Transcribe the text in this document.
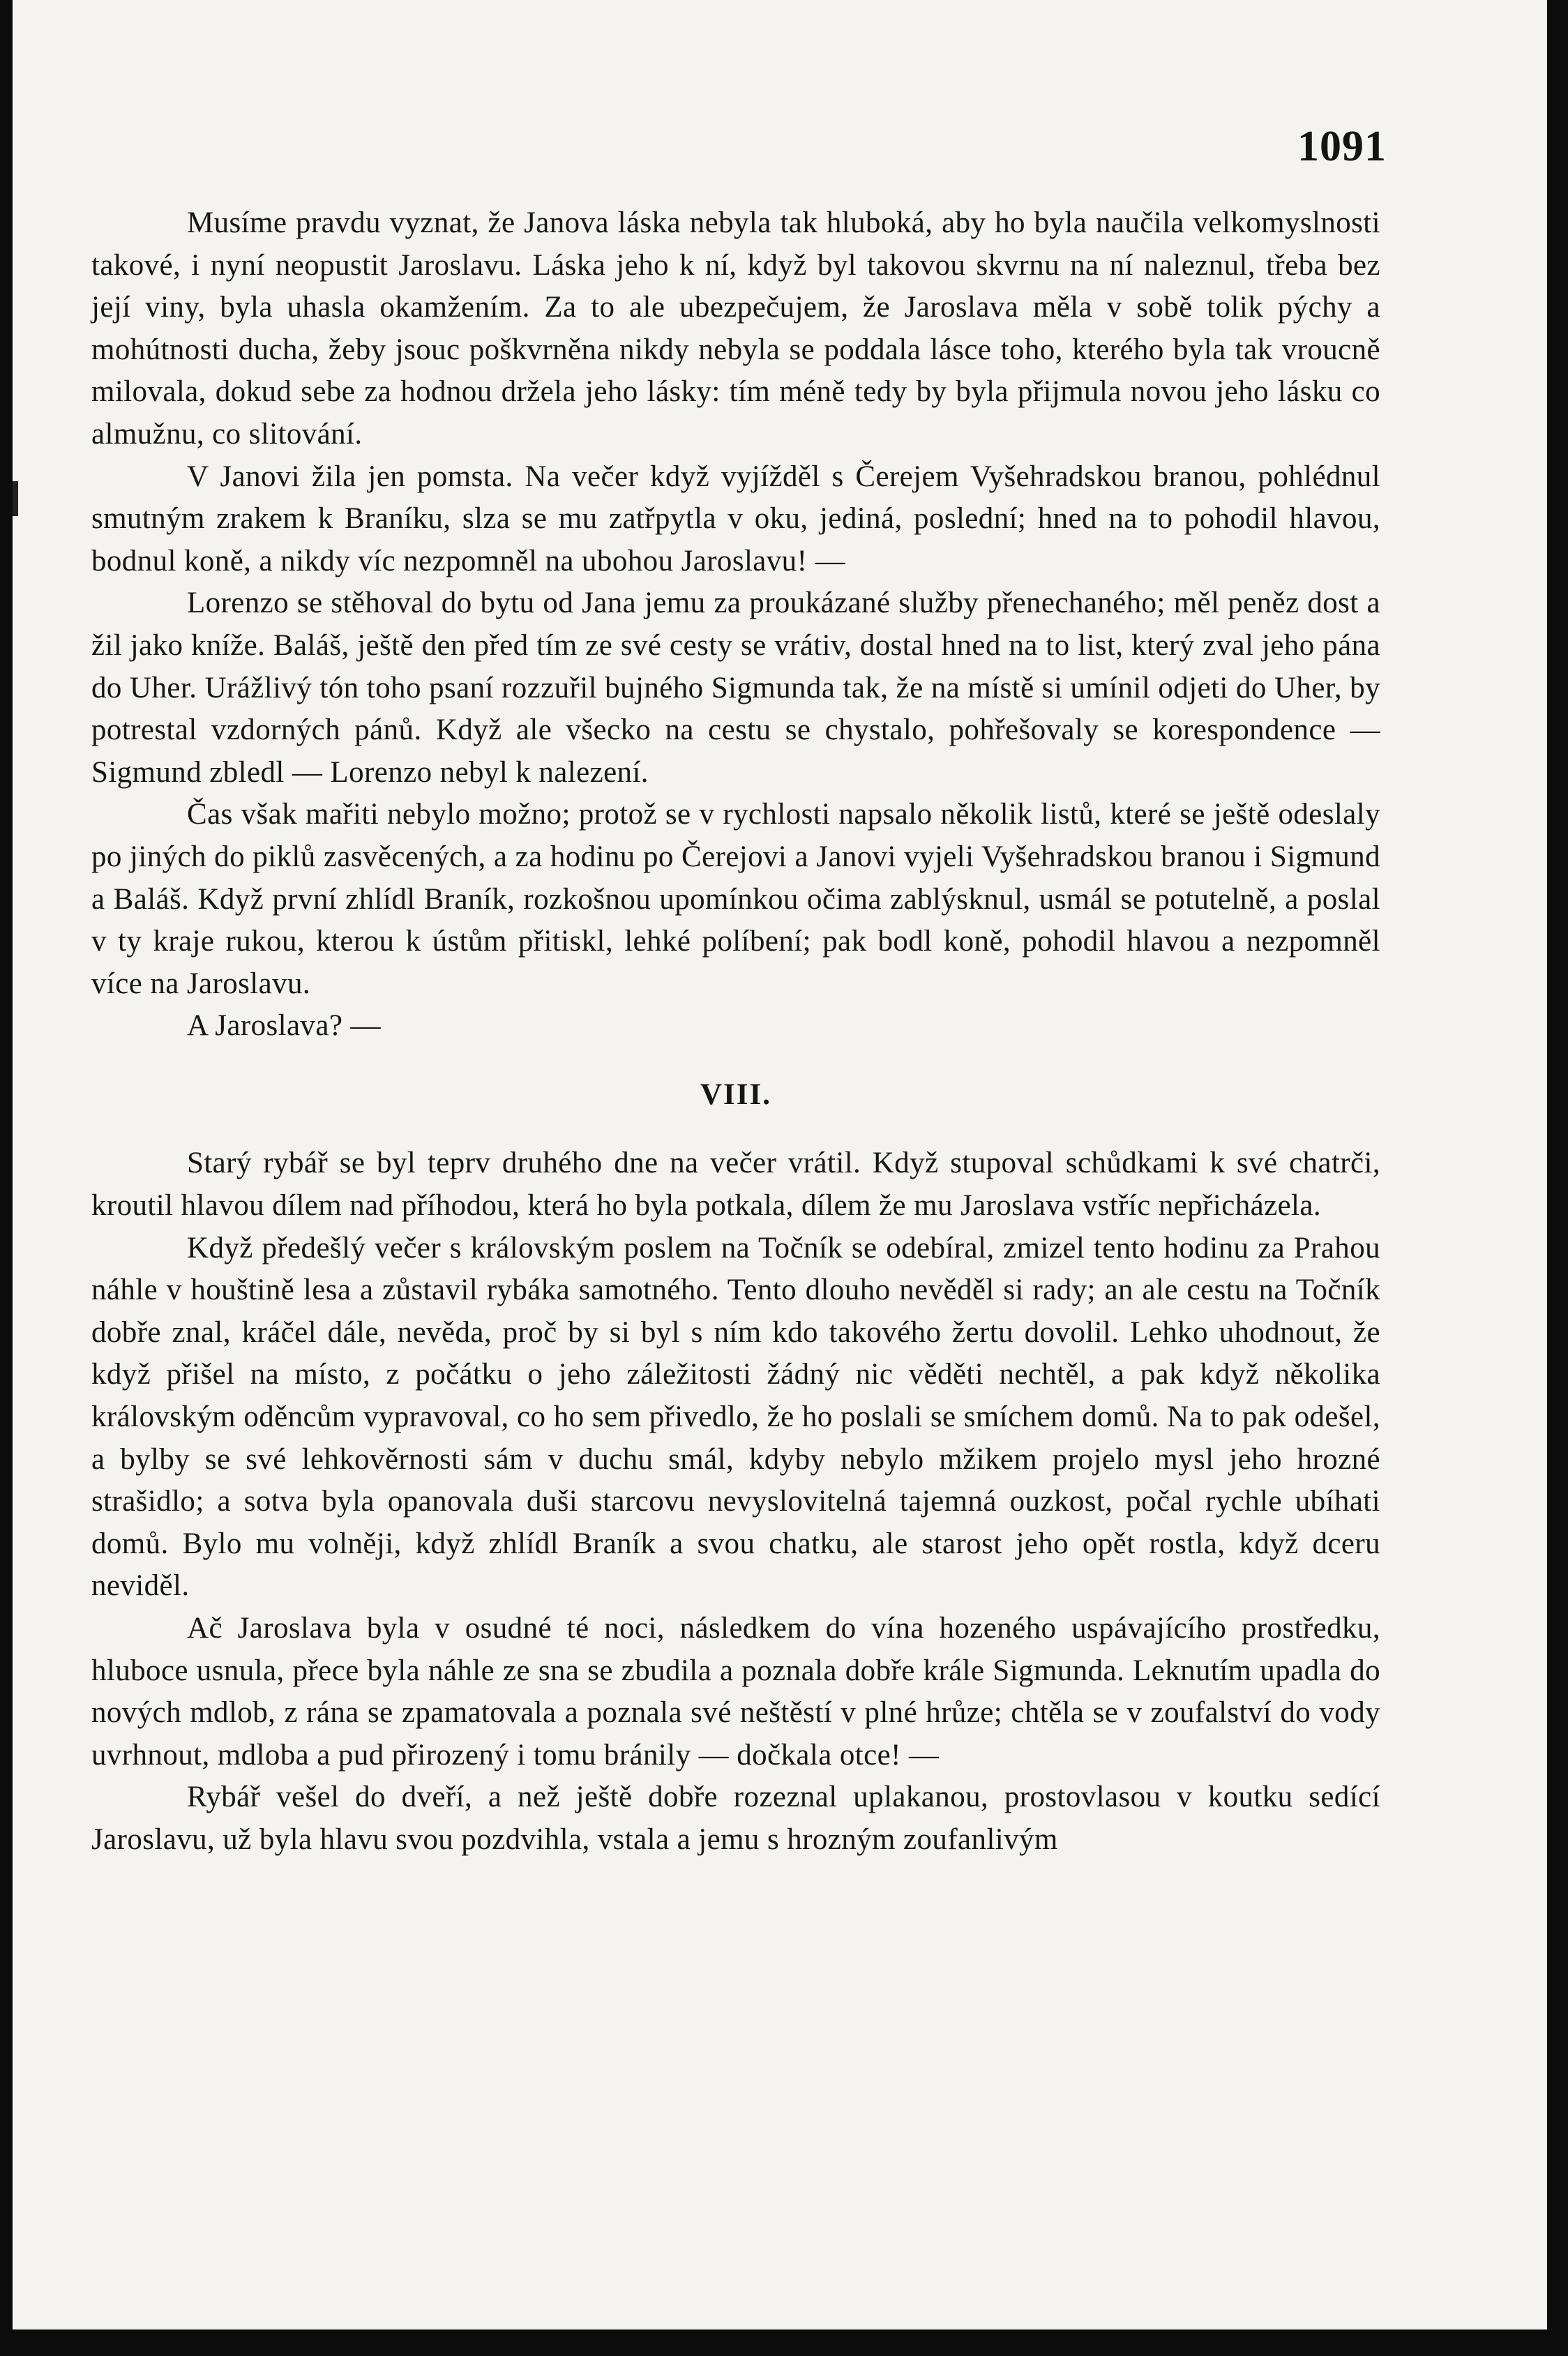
1091

Musíme pravdu vyznat, že Janova láska nebyla tak hluboká, aby ho byla naučila velkomyslnosti takové, i nyní neopustit Jaroslavu. Láska jeho k ní, když byl takovou skvrnu na ní naleznul, třeba bez její viny, byla uhasla okamžením. Za to ale ubezpečujem, že Jaroslava měla v sobě tolik pýchy a mohútnosti ducha, žeby jsouc poškvrněna nikdy nebyla se poddala lásce toho, kterého byla tak vroucně milovala, dokud sebe za hodnou držela jeho lásky: tím méně tedy by byla přijmula novou jeho lásku co almužnu, co slitování.

V Janovi žila jen pomsta. Na večer když vyjížděl s Čerejem Vyšehradskou branou, pohlédnul smutným zrakem k Braníku, slza se mu zatřpytla v oku, jediná, poslední; hned na to pohodil hlavou, bodnul koně, a nikdy víc nezpomněl na ubohou Jaroslavu! —

Lorenzo se stěhoval do bytu od Jana jemu za proukázané služby přenechaného; měl peněz dost a žil jako kníže. Baláš, ještě den před tím ze své cesty se vrátiv, dostal hned na to list, který zval jeho pána do Uher. Urážlivý tón toho psaní rozzuřil bujného Sigmunda tak, že na místě si umínil odjeti do Uher, by potrestal vzdorných pánů. Když ale všecko na cestu se chystalo, pohřešovaly se korespondence — Sigmund zbledl — Lorenzo nebyl k nalezení.

Čas však mařiti nebylo možno; protož se v rychlosti napsalo několik listů, které se ještě odeslaly po jiných do piklů zasvěcených, a za hodinu po Čerejovi a Janovi vyjeli Vyšehradskou branou i Sigmund a Baláš. Když první zhlídl Braník, rozkošnou upomínkou očima zablýsknul, usmál se potutelně, a poslal v ty kraje rukou, kterou k ústům přitiskl, lehké políbení; pak bodl koně, pohodil hlavou a nezpomněl více na Jaroslavu.

A Jaroslava? —

VIII.

Starý rybář se byl teprv druhého dne na večer vrátil. Když stupoval schůdkami k své chatrči, kroutil hlavou dílem nad příhodou, která ho byla potkala, dílem že mu Jaroslava vstříc nepřicházela.

Když předešlý večer s královským poslem na Točník se odebíral, zmizel tento hodinu za Prahou náhle v houštině lesa a zůstavil rybáka samotného. Tento dlouho nevěděl si rady; an ale cestu na Točník dobře znal, kráčel dále, nevěda, proč by si byl s ním kdo takového žertu dovolil. Lehko uhodnout, že když přišel na místo, z počátku o jeho záležitosti žádný nic věděti nechtěl, a pak když několika královským oděncům vypravoval, co ho sem přivedlo, že ho poslali se smíchem domů. Na to pak odešel, a bylby se své lehkověrnosti sám v duchu smál, kdyby nebylo mžikem projelo mysl jeho hrozné strašidlo; a sotva byla opanovala duši starcovu nevyslovitelná tajemná ouzkost, počal rychle ubíhati domů. Bylo mu volněji, když zhlídl Braník a svou chatku, ale starost jeho opět rostla, když dceru neviděl.

Ač Jaroslava byla v osudné té noci, následkem do vína hozeného uspávajícího prostředku, hluboce usnula, přece byla náhle ze sna se zbudila a poznala dobře krále Sigmunda. Leknutím upadla do nových mdlob, z rána se zpamatovala a poznala své neštěstí v plné hrůze; chtěla se v zoufalství do vody uvrhnout, mdloba a pud přirozený i tomu bránily — dočkala otce! —

Rybář vešel do dveří, a než ještě dobře rozeznal uplakanou, prostovlasou v koutku sedící Jaroslavu, už byla hlavu svou pozdvihla, vstala a jemu s hrozným zoufanlivým
